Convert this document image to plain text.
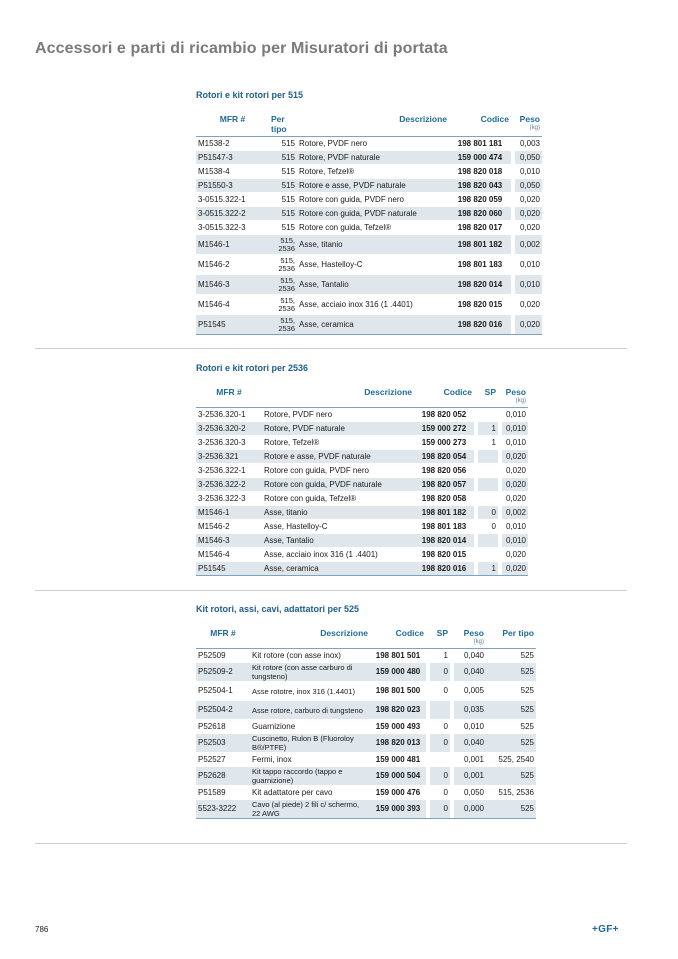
Accessori e parti di ricambio per Misuratori di portata
Rotori e kit rotori per 515
MFR #	Per tipo	Descrizione	Codice		Peso
(kg)

M1538-2	515	Rotore, PVDF nero	198 801 181		0,003
P51547-3	515	Rotore, PVDF naturale	159 000 474		0,050
M1538-4	515	Rotore, Tefzel®	198 820 018		0,010
P51550-3	515	Rotore e asse, PVDF naturale	198 820 043		0,050
3-0515.322-1	515	Rotore con guida, PVDF nero	198 820 059		0,020
3-0515.322-2	515	Rotore con guida, PVDF naturale	198 820 060		0,020
3-0515.322-3	515	Rotore con guida, Tefzel®	198 820 017		0,020
M1546-1	515, 2536	Asse, titanio	198 801 182		0,002
M1546-2	515, 2536	Asse, Hastelloy-C	198 801 183		0,010
M1546-3	515, 2536	Asse, Tantalio	198 820 014		0,010
M1546-4	515, 2536	Asse, acciaio inox 316 (1 .4401)	198 820 015		0,020
P51545	515, 2536	Asse, ceramica	198 820 016		0,020
Rotori e kit rotori per 2536
MFR #	Descrizione	Codice		SP		Peso
(kg)

3-2536.320-1	Rotore, PVDF nero	198 820 052				0,010
3-2536.320-2	Rotore, PVDF naturale	159 000 272		1		0,010
3-2536.320-3	Rotore, Tefzel®	159 000 273		1		0,010
3-2536.321	Rotore e asse, PVDF naturale	198 820 054				0,020
3-2536.322-1	Rotore con guida, PVDF nero	198 820 056				0,020
3-2536.322-2	Rotore con guida, PVDF naturale	198 820 057				0,020
3-2536.322-3	Rotore con guida, Tefzel®	198 820 058				0,020
M1546-1	Asse, titanio	198 801 182		0		0,002
M1546-2	Asse, Hastelloy-C	198 801 183		0		0,010
M1546-3	Asse, Tantalio	198 820 014				0,010
M1546-4	Asse, acciaio inox 316 (1 .4401)	198 820 015				0,020
P51545	Asse, ceramica	198 820 016		1		0,020
Kit rotori, assi, cavi, adattatori per 525
MFR #	Descrizione	Codice		SP		Peso
(kg)	Per tipo
P52509	Kit rotore (con asse inox)	198 801 501		1		0,040	525
P52509-2	Kit rotore (con asse carburo di tungsteno)	159 000 480		0		0,040	525
P52504-1	Asse rototre, inox 316 (1.4401)	198 801 500		0		0,005	525
P52504-2	Asse rotore, carburo di tungsteno	198 820 023				0,035	525
P52618	Guarnizione	159 000 493		0		0,010	525
P52503	Cuscinetto, Rulon B (Fluoroloy B®/PTFE)	198 820 013		0		0,040	525
P52527	Fermi, inox	159 000 481				0,001	525, 2540
P52628	Kit tappo raccordo (tappo e guarnizione)	159 000 504		0		0,001	525
P51589	Kit adattatore per cavo	159 000 476		0		0,050	515, 2536
5523-3222	Cavo (al piede) 2 fili c/ schermo, 22 AWG	159 000 393		0		0,000	525
786	+GF+
